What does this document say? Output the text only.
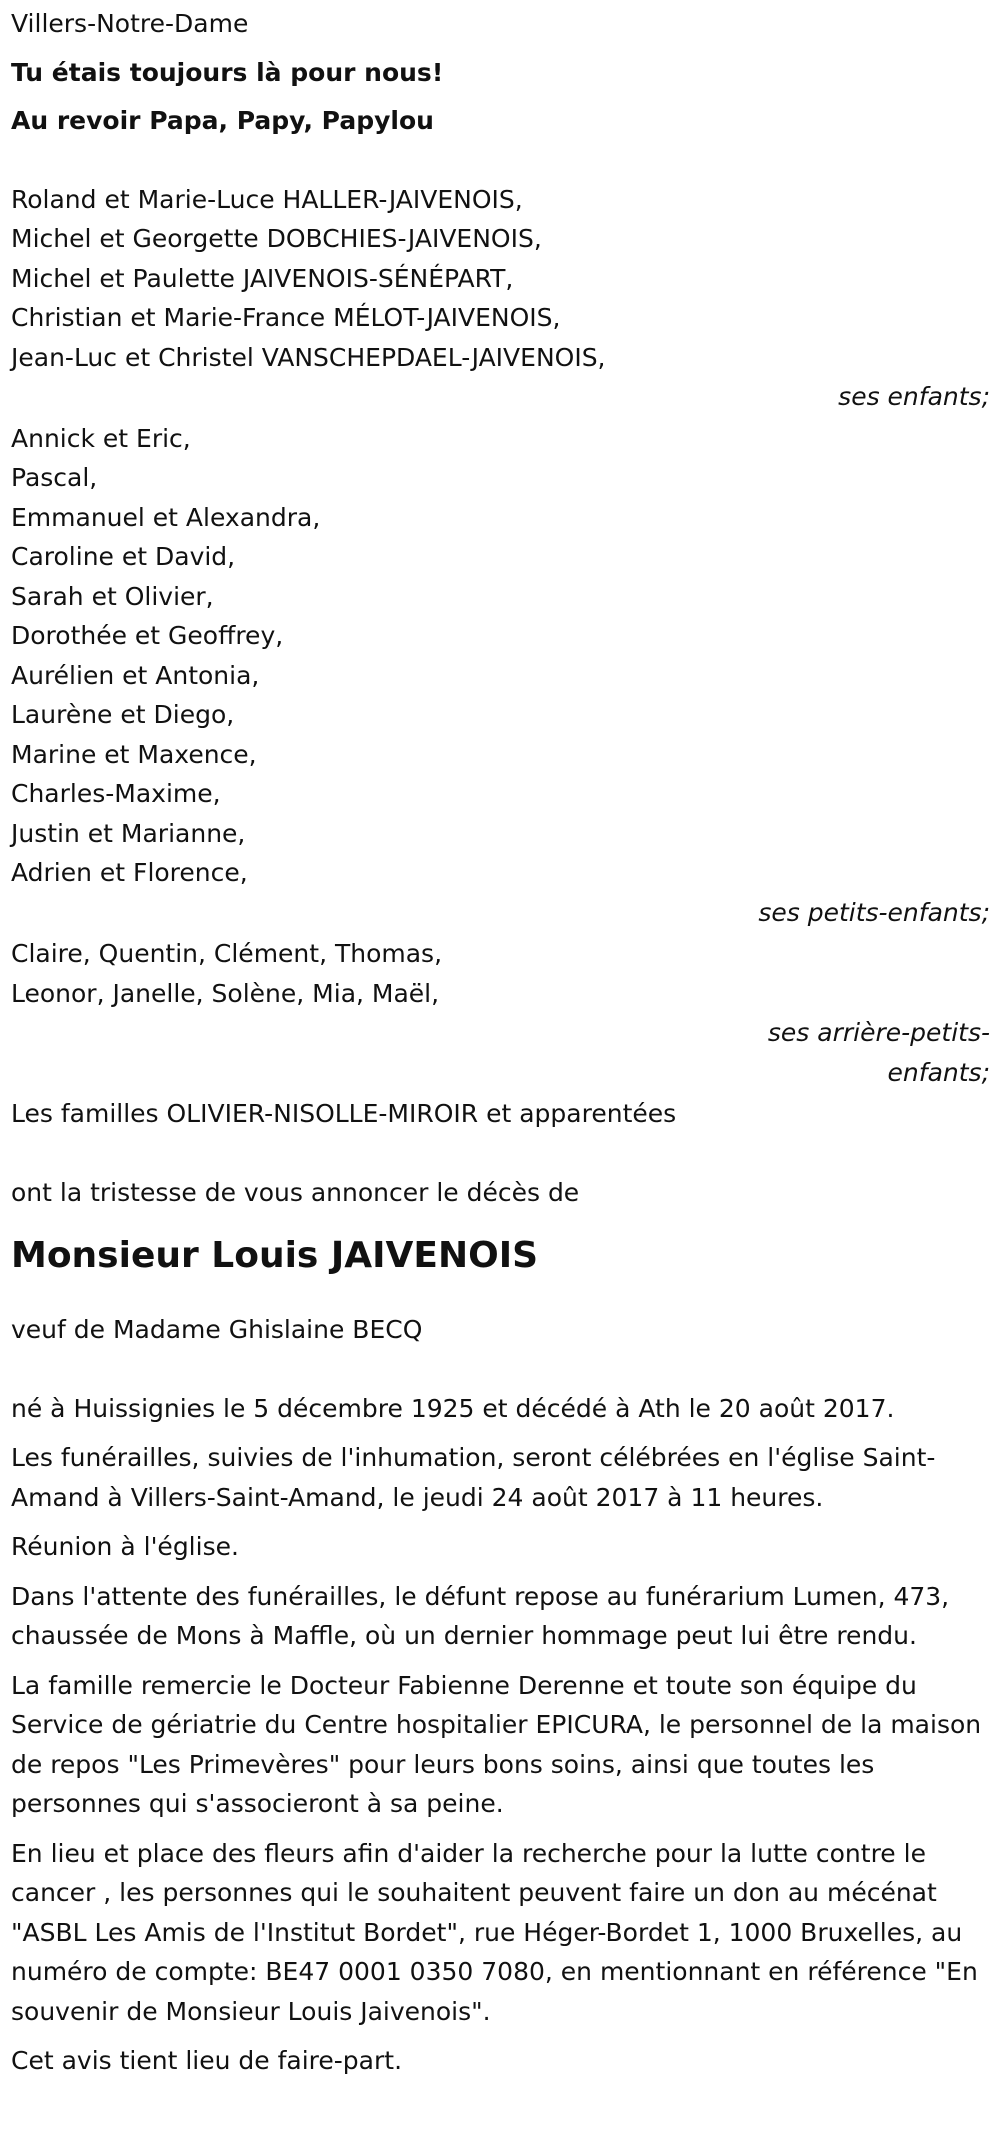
Villers-Notre-Dame
Tu étais toujours là pour nous!
Au revoir Papa, Papy, Papylou
Roland et Marie-Luce HALLER-JAIVENOIS,
Michel et Georgette DOBCHIES-JAIVENOIS,
Michel et Paulette JAIVENOIS-SÉNÉPART,
Christian et Marie-France MÉLOT-JAIVENOIS,
Jean-Luc et Christel VANSCHEPDAEL-JAIVENOIS,
ses enfants;
Annick et Eric,
Pascal,
Emmanuel et Alexandra,
Caroline et David,
Sarah et Olivier,
Dorothée et Geoffrey,
Aurélien et Antonia,
Laurène et Diego,
Marine et Maxence,
Charles-Maxime,
Justin et Marianne,
Adrien et Florence,
ses petits-enfants;
Claire, Quentin, Clément, Thomas,
Leonor, Janelle, Solène, Mia, Maël,
ses arrière-petits-
enfants;
Les familles OLIVIER-NISOLLE-MIROIR et apparentées
ont la tristesse de vous annoncer le décès de
Monsieur Louis JAIVENOIS
veuf de Madame Ghislaine BECQ

né à Huissignies le 5 décembre 1925 et décédé à Ath le 20 août 2017.

Les funérailles, suivies de l'inhumation, seront célébrées en l'église Saint-Amand à Villers-Saint-Amand, le jeudi 24 août 2017 à 11 heures.

Réunion à l'église.

Dans l'attente des funérailles, le défunt repose au funérarium Lumen, 473, chaussée de Mons à Maffle, où un dernier hommage peut lui être rendu.

La famille remercie le Docteur Fabienne Derenne et toute son équipe du Service de gériatrie du Centre hospitalier EPICURA, le personnel de la maison de repos "Les Primevères" pour leurs bons soins, ainsi que toutes les personnes qui s'associeront à sa peine.

En lieu et place des fleurs afin d'aider la recherche pour la lutte contre le cancer , les personnes qui le souhaitent peuvent faire un don au mécénat "ASBL Les Amis de l'Institut Bordet", rue Héger-Bordet 1, 1000 Bruxelles, au numéro de compte: BE47 0001 0350 7080, en mentionnant en référence "En souvenir de Monsieur Louis Jaivenois".

Cet avis tient lieu de faire-part.
